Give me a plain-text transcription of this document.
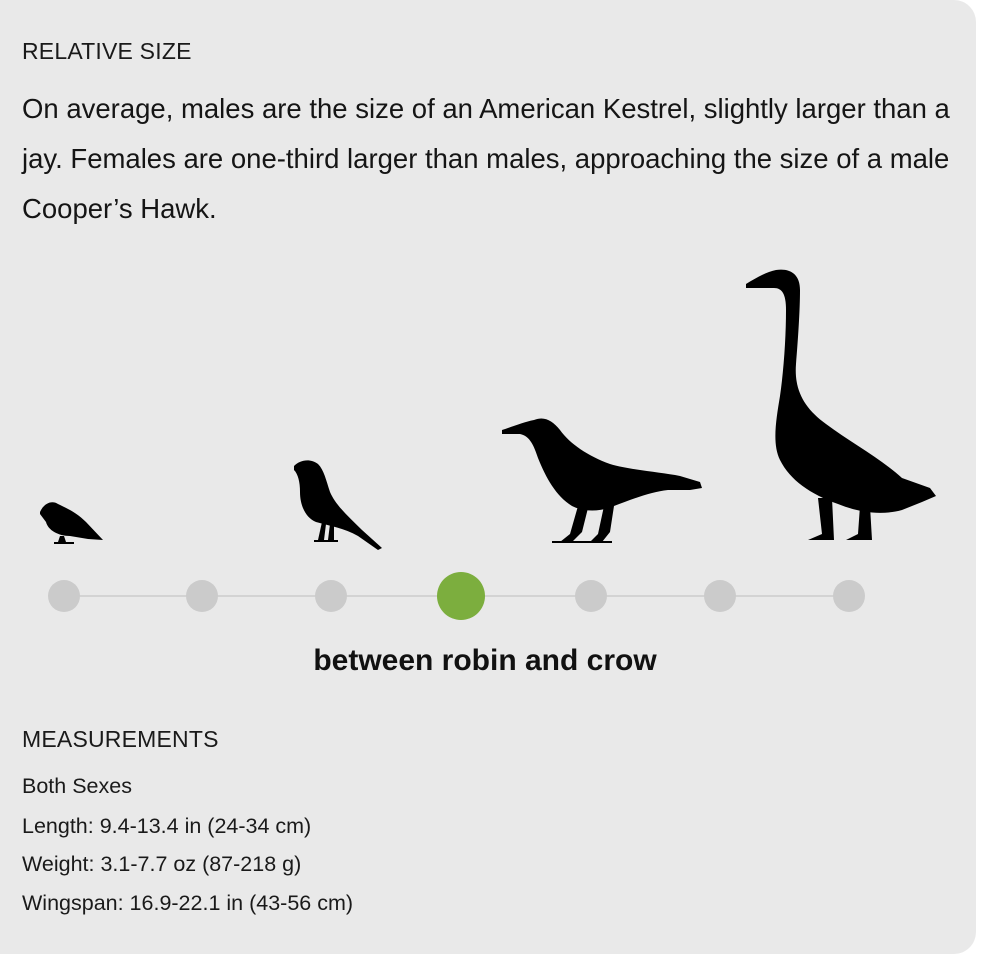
RELATIVE SIZE

On average, males are the size of an American Kestrel, slightly larger than a jay. Females are one-third larger than males, approaching the size of a male Cooper’s Hawk.

between robin and crow
MEASUREMENTS
Both Sexes
Length: 9.4-13.4 in (24-34 cm)
Weight: 3.1-7.7 oz (87-218 g)
Wingspan: 16.9-22.1 in (43-56 cm)
